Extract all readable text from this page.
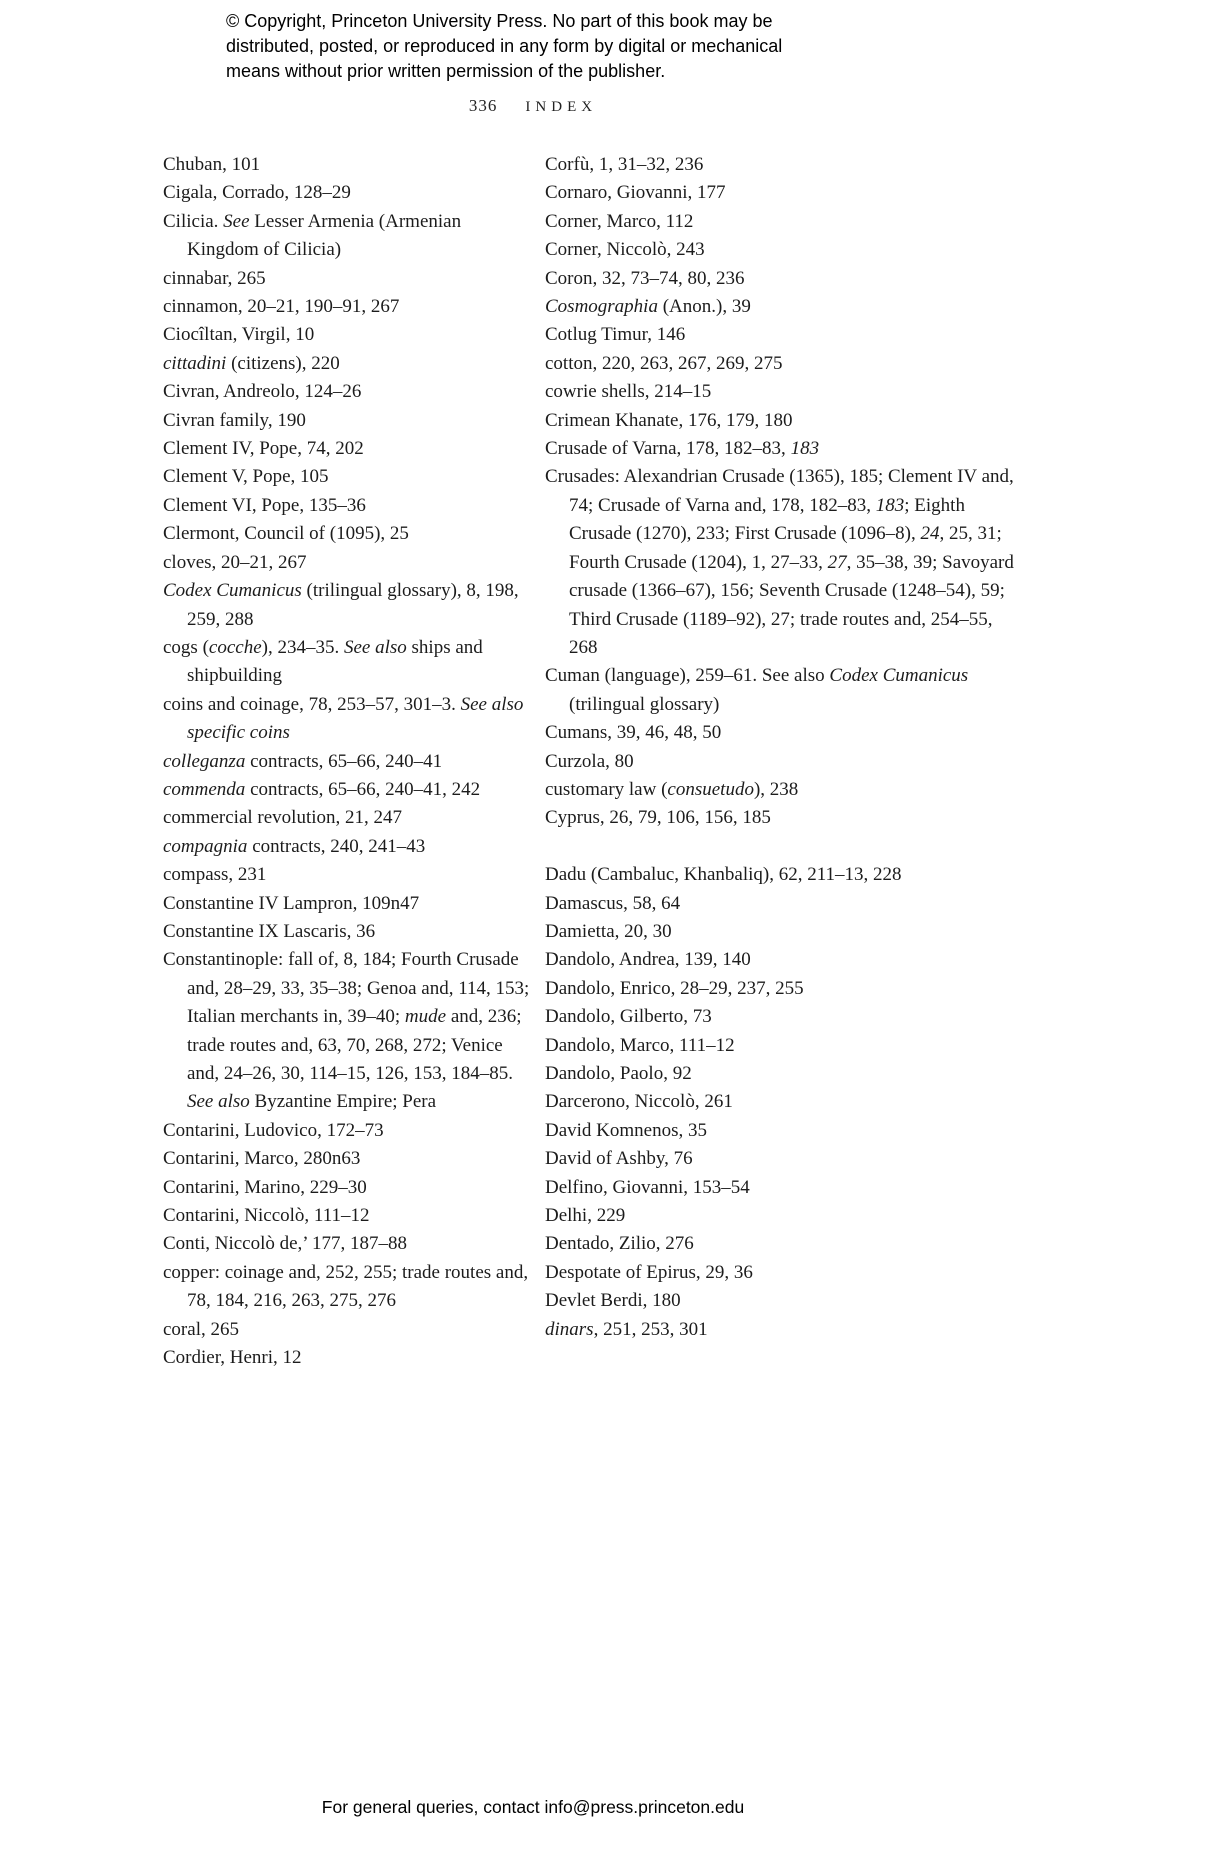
© Copyright, Princeton University Press. No part of this book may be
distributed, posted, or reproduced in any form by digital or mechanical
means without prior written permission of the publisher.
336 INDEX
Chuban, 101
Cigala, Corrado, 128–29
Cilicia. See Lesser Armenia (Armenian Kingdom of Cilicia)
cinnabar, 265
cinnamon, 20–21, 190–91, 267
Ciocîltan, Virgil, 10
cittadini (citizens), 220
Civran, Andreolo, 124–26
Civran family, 190
Clement IV, Pope, 74, 202
Clement V, Pope, 105
Clement VI, Pope, 135–36
Clermont, Council of (1095), 25
cloves, 20–21, 267
Codex Cumanicus (trilingual glossary), 8, 198, 259, 288
cogs (cocche), 234–35. See also ships and shipbuilding
coins and coinage, 78, 253–57, 301–3. See also specific coins
colleganza contracts, 65–66, 240–41
commenda contracts, 65–66, 240–41, 242
commercial revolution, 21, 247
compagnia contracts, 240, 241–43
compass, 231
Constantine IV Lampron, 109n47
Constantine IX Lascaris, 36
Constantinople: fall of, 8, 184; Fourth Crusade and, 28–29, 33, 35–38; Genoa and, 114, 153; Italian merchants in, 39–40; mude and, 236; trade routes and, 63, 70, 268, 272; Venice and, 24–26, 30, 114–15, 126, 153, 184–85. See also Byzantine Empire; Pera
Contarini, Ludovico, 172–73
Contarini, Marco, 280n63
Contarini, Marino, 229–30
Contarini, Niccolò, 111–12
Conti, Niccolò de,’ 177, 187–88
copper: coinage and, 252, 255; trade routes and, 78, 184, 216, 263, 275, 276
coral, 265
Cordier, Henri, 12
Corfù, 1, 31–32, 236
Cornaro, Giovanni, 177
Corner, Marco, 112
Corner, Niccolò, 243
Coron, 32, 73–74, 80, 236
Cosmographia (Anon.), 39
Cotlug Timur, 146
cotton, 220, 263, 267, 269, 275
cowrie shells, 214–15
Crimean Khanate, 176, 179, 180
Crusade of Varna, 178, 182–83, 183
Crusades: Alexandrian Crusade (1365), 185; Clement IV and, 74; Crusade of Varna and, 178, 182–83, 183; Eighth Crusade (1270), 233; First Crusade (1096–8), 24, 25, 31; Fourth Crusade (1204), 1, 27–33, 27, 35–38, 39; Savoyard crusade (1366–67), 156; Seventh Crusade (1248–54), 59; Third Crusade (1189–92), 27; trade routes and, 254–55, 268
Cuman (language), 259–61. See also Codex Cumanicus (trilingual glossary)
Cumans, 39, 46, 48, 50
Curzola, 80
customary law (consuetudo), 238
Cyprus, 26, 79, 106, 156, 185
Dadu (Cambaluc, Khanbaliq), 62, 211–13, 228
Damascus, 58, 64
Damietta, 20, 30
Dandolo, Andrea, 139, 140
Dandolo, Enrico, 28–29, 237, 255
Dandolo, Gilberto, 73
Dandolo, Marco, 111–12
Dandolo, Paolo, 92
Darcerono, Niccolò, 261
David Komnenos, 35
David of Ashby, 76
Delfino, Giovanni, 153–54
Delhi, 229
Dentado, Zilio, 276
Despotate of Epirus, 29, 36
Devlet Berdi, 180
dinars, 251, 253, 301
For general queries, contact info@press.princeton.edu
